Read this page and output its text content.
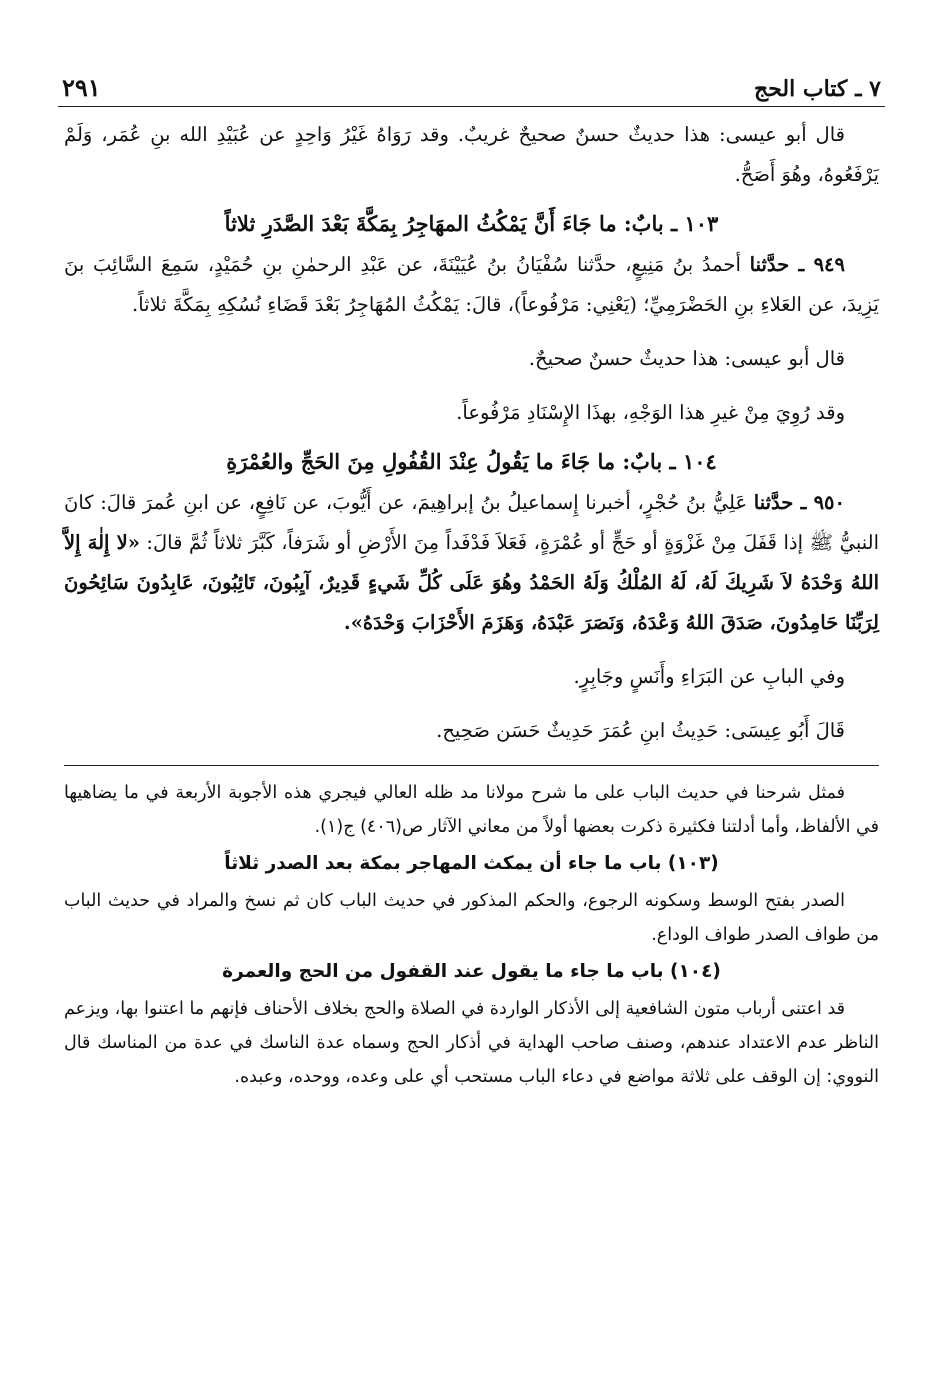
٧ ـ كتاب الحج
٢٩١

قال أبو عيسى: هذا حديثٌ حسنٌ صحيحٌ غريبٌ. وقد رَوَاهُ غَيْرُ وَاحِدٍ عن عُبَيْدِ الله بنِ عُمَر، وَلَمْ يَرْفَعُوهُ، وهُوَ أَصَحُّ.

١٠٣ ـ بابٌ: ما جَاءَ أَنَّ يَمْكُثُ المهَاجِرُ بِمَكَّةَ بَعْدَ الصَّدَرِ ثلاثاً

٩٤٩ ـ حدَّثنا أحمدُ بنُ مَنِيعٍ، حدَّثنا سُفْيَانُ بنُ عُيَيْنَةَ، عن عَبْدِ الرحمٰنِ بنِ حُمَيْدٍ، سَمِعَ السَّائِبَ بنَ يَزِيدَ، عن العَلاءِ بنِ الحَضْرَمِيِّ؛ (يَعْنِي: مَرْفُوعاً)، قالَ: يَمْكُثُ المُهَاجِرُ بَعْدَ قَضَاءِ نُسُكِهِ بِمَكَّةَ ثلاثاً.

قال أبو عيسى: هذا حديثٌ حسنٌ صحيحٌ.

وقد رُوِيَ مِنْ غيرِ هذا الوَجْهِ، بهذَا الإِسْنَادِ مَرْفُوعاً.

١٠٤ ـ بابٌ: ما جَاءَ ما يَقُولُ عِنْدَ القُفُولِ مِنَ الحَجِّ والعُمْرَةِ

٩٥٠ ـ حدَّثنا عَلِيُّ بنُ حُجْرٍ، أخبرنا إِسماعيلُ بنُ إبراهِيمَ، عن أَيُّوبَ، عن نَافِعٍ، عن ابنِ عُمرَ قالَ: كانَ النبيُّ ﷺ إذا قَفَلَ مِنْ غَزْوَةٍ أو حَجٍّ أو عُمْرَةٍ، فَعَلاَ فَدْفَداً مِنَ الأَرْضِ أو شَرَفاً، كَبَّرَ ثلاثاً ثُمَّ قالَ: «لا إِلٰهَ إِلاَّ اللهُ وَحْدَهُ لاَ شَرِيكَ لَهُ، لَهُ المُلْكُ وَلَهُ الحَمْدُ وهُوَ عَلَى كُلِّ شَيءٍ قَدِيرٌ، آيِبُونَ، تَائِبُونَ، عَابِدُونَ سَائِحُونَ لِرَبِّنَا حَامِدُونَ، صَدَقَ اللهُ وَعْدَهُ، وَنَصَرَ عَبْدَهُ، وَهَزَمَ الأَحْزَابَ وَحْدَهُ».

وفي البابِ عن البَرَاءِ وأَنَسٍ وجَابِرٍ.

قَالَ أَبُو عِيسَى: حَدِيثُ ابنِ عُمَرَ حَدِيثٌ حَسَن صَحِيح.

فمثل شرحنا في حديث الباب على ما شرح مولانا مد ظله العالي فيجري هذه الأجوبة الأربعة في ما يضاهيها في الألفاظ، وأما أدلتنا فكثيرة ذكرت بعضها أولاً من معاني الآثار ص(٤٠٦) ج(١).

(١٠٣) باب ما جاء أن يمكث المهاجر بمكة بعد الصدر ثلاثاً

الصدر بفتح الوسط وسكونه الرجوع، والحكم المذكور في حديث الباب كان ثم نسخ والمراد في حديث الباب من طواف الصدر طواف الوداع.

(١٠٤) باب ما جاء ما يقول عند القفول من الحج والعمرة

قد اعتنى أرباب متون الشافعية إلى الأذكار الواردة في الصلاة والحج بخلاف الأحناف فإنهم ما اعتنوا بها، ويزعم الناظر عدم الاعتداد عندهم، وصنف صاحب الهداية في أذكار الحج وسماه عدة الناسك في عدة من المناسك قال النووي: إن الوقف على ثلاثة مواضع في دعاء الباب مستحب أي على وعده، ووحده، وعبده.
